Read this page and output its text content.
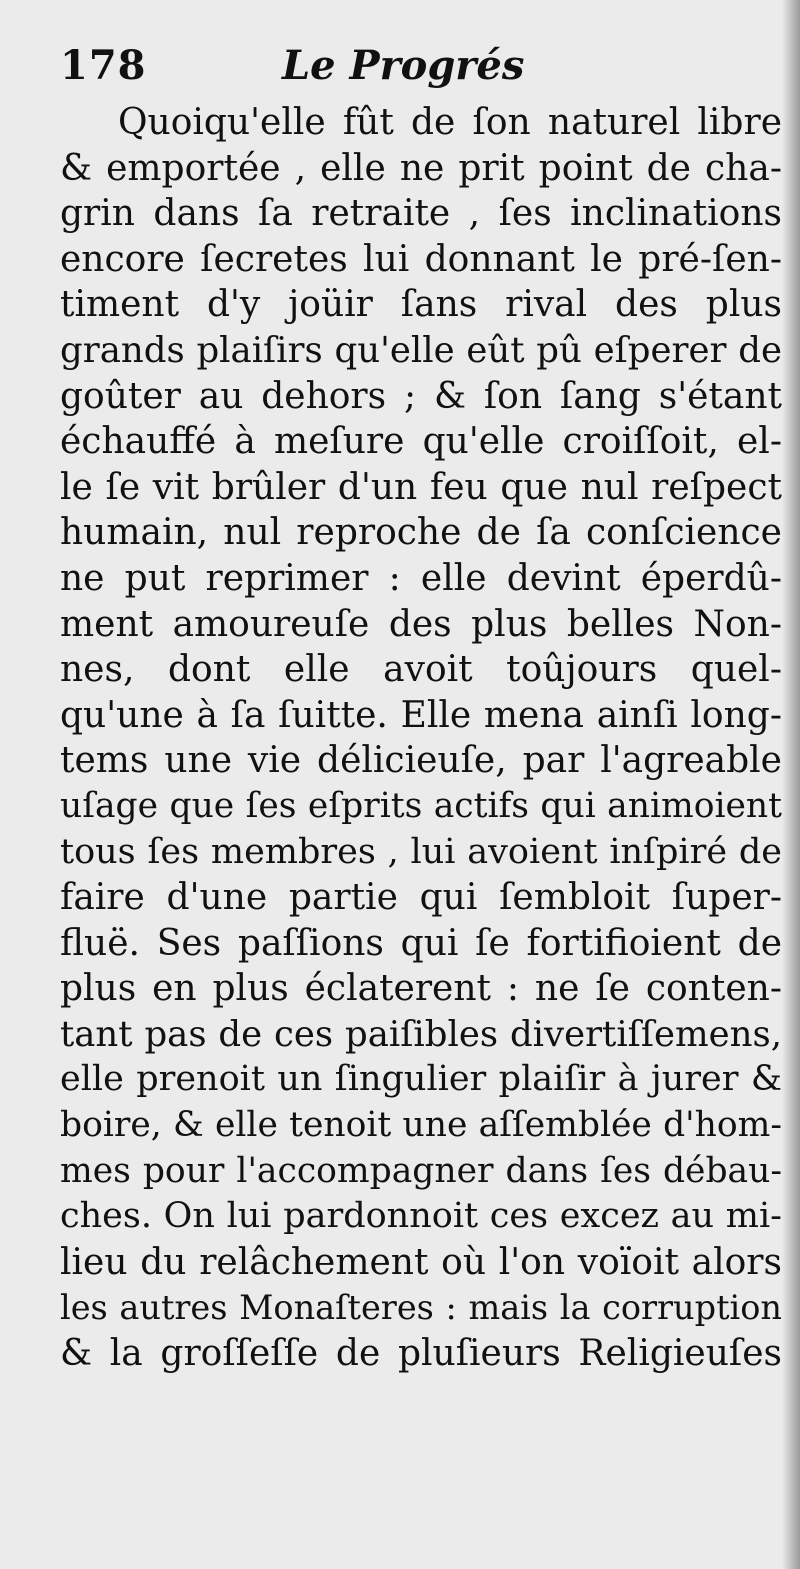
178	Le Progrés
Quoiqu'elle fût de ſon naturel libre
& emportée , elle ne prit point de cha-
grin dans ſa retraite , ſes inclinations
encore ſecretes lui donnant le pré-ſen-
timent d'y joüir ſans rival des plus
grands plaiſirs qu'elle eût pû eſperer de
goûter au dehors ; & ſon ſang s'étant
échauffé à meſure qu'elle croiſſoit, el-
le ſe vit brûler d'un feu que nul reſpect
humain, nul reproche de ſa conſcience
ne put reprimer : elle devint éperdû-
ment amoureuſe des plus belles Non-
nes, dont elle avoit toûjours quel-
qu'une à ſa ſuitte. Elle mena ainſi long-
tems une vie délicieuſe, par l'agreable
uſage que ſes eſprits actifs qui animoient
tous ſes membres , lui avoient inſpiré de
faire d'une partie qui ſembloit ſuper-
fluë. Ses paſſions qui ſe fortifioient de
plus en plus éclaterent : ne ſe conten-
tant pas de ces paiſibles divertiſſemens,
elle prenoit un ſingulier plaiſir à jurer &
boire, & elle tenoit une aſſemblée d'hom-
mes pour l'accompagner dans ſes débau-
ches. On lui pardonnoit ces excez au mi-
lieu du relâchement où l'on voïoit alors
les autres Monaſteres : mais la corruption
& la groſſeſſe de pluſieurs Religieuſes
